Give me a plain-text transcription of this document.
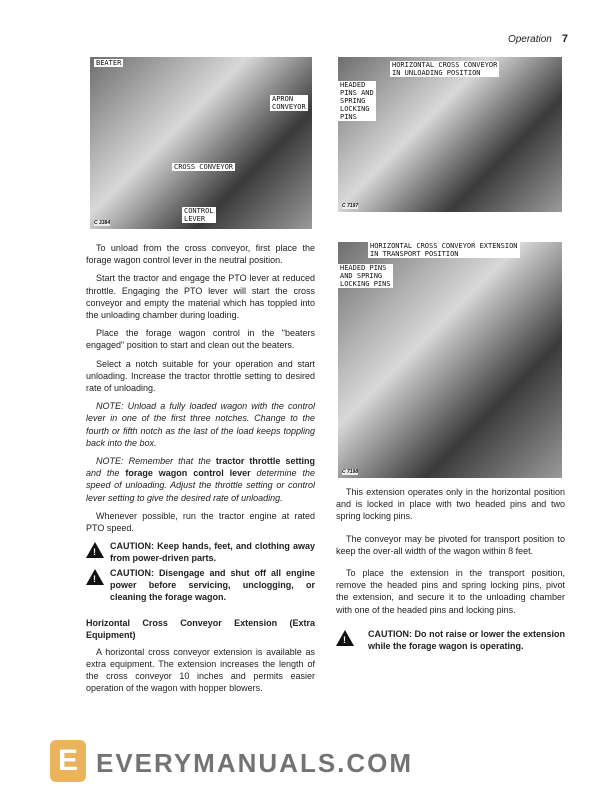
Operation 7
BEATER
APRON
CONVEYOR
CROSS CONVEYOR
CONTROL
LEVER
C 3384
HORIZONTAL CROSS CONVEYOR
IN UNLOADING POSITION
HEADED
PINS AND
SPRING
LOCKING
PINS
C 7197
HORIZONTAL CROSS CONVEYOR EXTENSION
IN TRANSPORT POSITION
HEADED PINS
AND SPRING
LOCKING PINS
C 7198

To unload from the cross conveyor, first place the forage wagon control lever in the neutral position.

Start the tractor and engage the PTO lever at reduced throttle. Engaging the PTO lever will start the cross conveyor and empty the material which has toppled into the unloading chamber during loading.

Place the forage wagon control in the "beaters engaged" position to start and clean out the beaters.

Select a notch suitable for your operation and start unloading. Increase the tractor throttle setting to desired rate of unloading.

NOTE: Unload a fully loaded wagon with the control lever in one of the first three notches. Change to the fourth or fifth notch as the last of the load keeps toppling back into the box.

NOTE: Remember that the tractor throttle setting and the forage wagon control lever determine the speed of unloading. Adjust the throttle setting or control lever setting to give the desired rate of unloading.

Whenever possible, run the tractor engine at rated PTO speed.

!
CAUTION: Keep hands, feet, and clothing away from power-driven parts.
!
CAUTION: Disengage and shut off all engine power before servicing, unclogging, or cleaning the forage wagon.
Horizontal Cross Conveyor Extension (Extra Equipment)

A horizontal cross conveyor extension is available as extra equipment. The extension increases the length of the cross conveyor 10 inches and permits easier operation of the wagon with hopper blowers.

This extension operates only in the horizontal position and is locked in place with two headed pins and two spring locking pins.

The conveyor may be pivoted for transport position to keep the over-all width of the wagon within 8 feet.

To place the extension in the transport position, remove the headed pins and spring locking pins, pivot the extension, and secure it to the unloading chamber with one of the headed pins and locking pins.

!
CAUTION: Do not raise or lower the extension while the forage wagon is operating.
E EVERYMANUALS.COM
